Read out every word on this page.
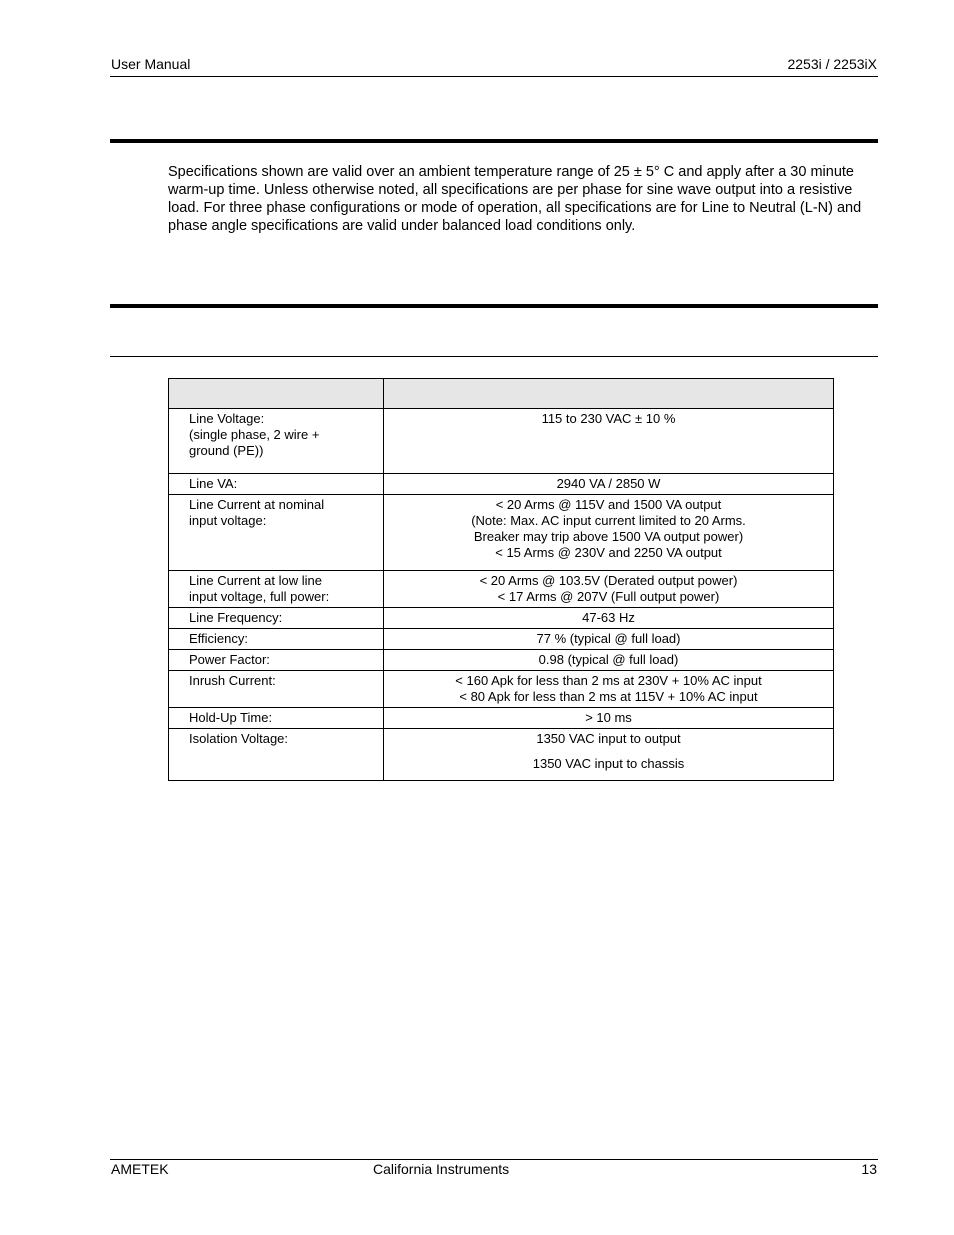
User Manual	2253i / 2253iX

Specifications shown are valid over an ambient temperature range of 25 ± 5° C and apply after a 30 minute warm-up time. Unless otherwise noted, all specifications are per phase for sine wave output into a resistive load. For three phase configurations or mode of operation, all specifications are for Line to Neutral (L-N) and phase angle specifications are valid under balanced load conditions only.

Line Voltage:
(single phase, 2 wire +
ground (PE))	115 to 230 VAC ± 10 %

Line VA:	2940 VA / 2850 W

Line Current at nominal
input voltage:	< 20 Arms @ 115V and 1500 VA output
(Note: Max. AC input current limited to 20 Arms.
Breaker may trip above 1500 VA output power)
< 15 Arms @ 230V and 2250 VA output

Line Current at low line
input voltage, full power:	< 20 Arms @ 103.5V (Derated output power)
< 17 Arms @ 207V (Full output power)

Line Frequency:	47-63 Hz

Efficiency:	77 % (typical @ full load)

Power Factor:	0.98 (typical @ full load)

Inrush Current:	< 160 Apk for less than 2 ms at 230V + 10% AC input
< 80 Apk for less than 2 ms at 115V + 10% AC input

Hold-Up Time:	> 10 ms

Isolation Voltage:	1350 VAC input to output
1350 VAC input to chassis
AMETEK	California Instruments	13
